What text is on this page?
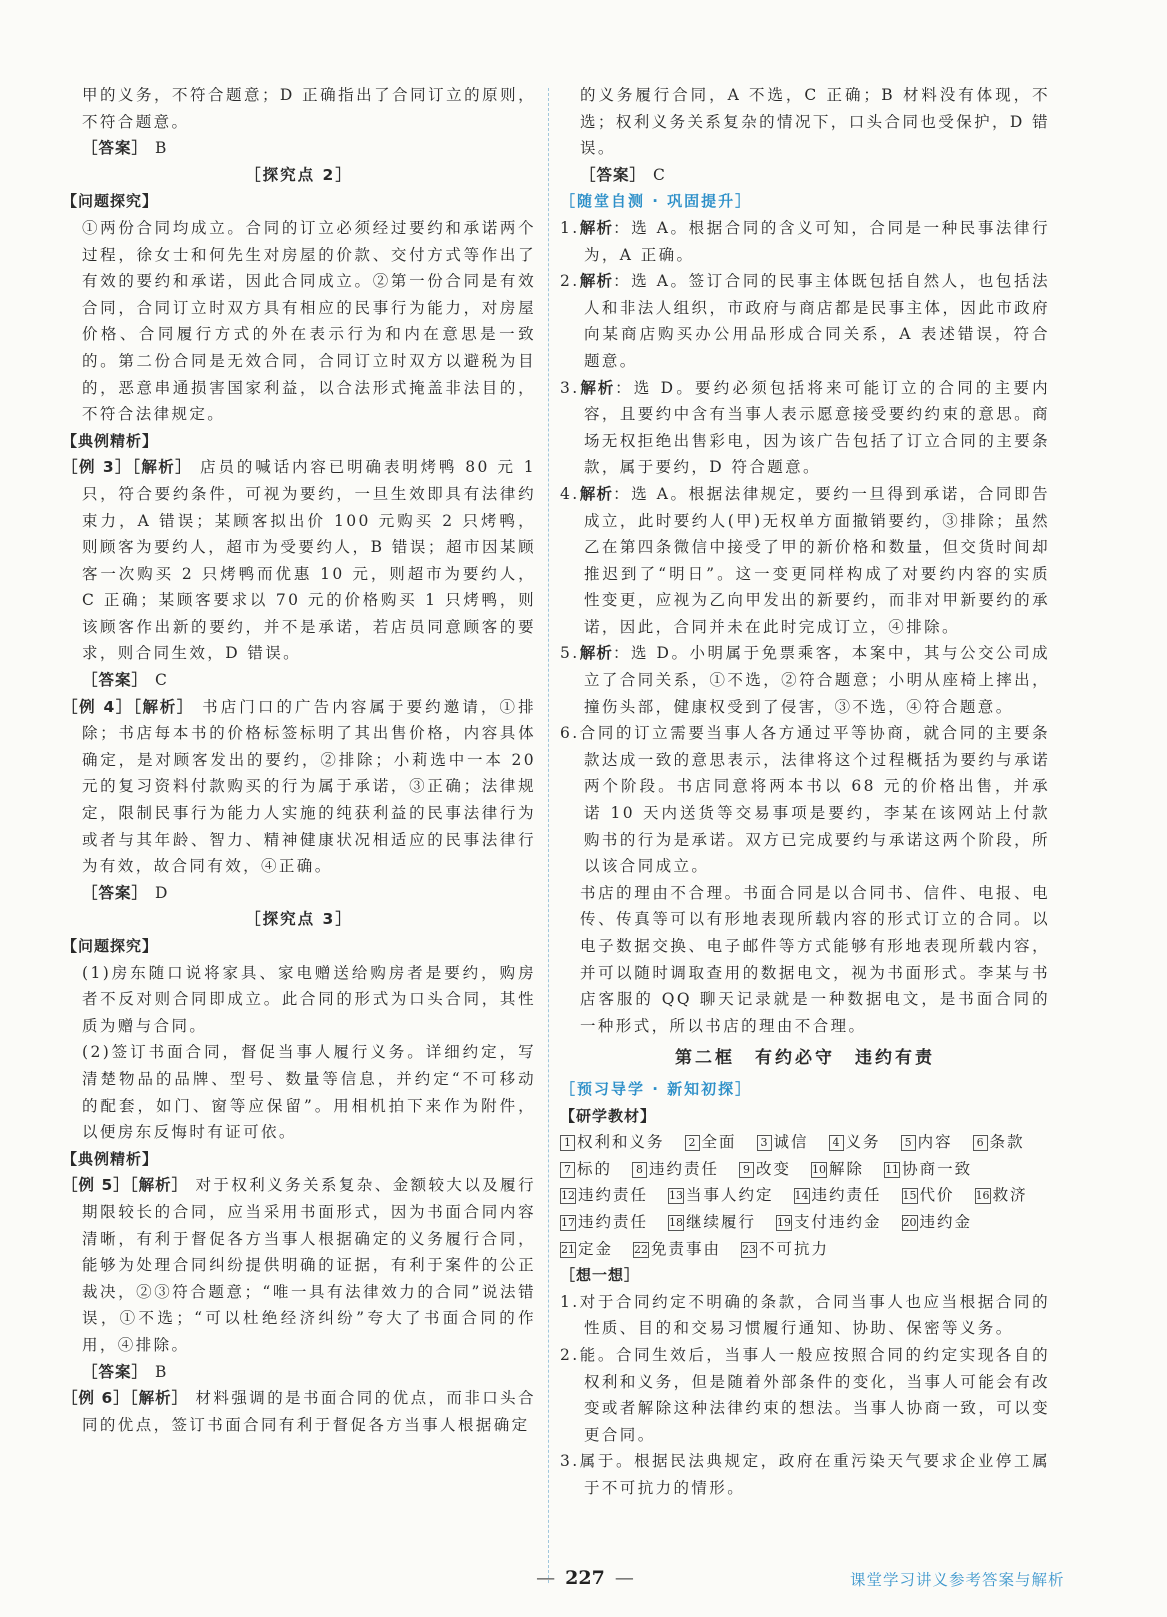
甲的义务，不符合题意；D 正确指出了合同订立的原则，不符合题意。
［答案］ B
［探究点 2］
【问题探究】
①两份合同均成立。合同的订立必须经过要约和承诺两个过程，徐女士和何先生对房屋的价款、交付方式等作出了有效的要约和承诺，因此合同成立。②第一份合同是有效合同，合同订立时双方具有相应的民事行为能力，对房屋价格、合同履行方式的外在表示行为和内在意思是一致的。第二份合同是无效合同，合同订立时双方以避税为目的，恶意串通损害国家利益，以合法形式掩盖非法目的，不符合法律规定。
【典例精析】
［例 3］［解析］ 店员的喊话内容已明确表明烤鸭 80 元 1 只，符合要约条件，可视为要约，一旦生效即具有法律约束力，A 错误；某顾客拟出价 100 元购买 2 只烤鸭，则顾客为要约人，超市为受要约人，B 错误；超市因某顾客一次购买 2 只烤鸭而优惠 10 元，则超市为要约人，C 正确；某顾客要求以 70 元的价格购买 1 只烤鸭，则该顾客作出新的要约，并不是承诺，若店员同意顾客的要求，则合同生效，D 错误。
［答案］ C
［例 4］［解析］ 书店门口的广告内容属于要约邀请，①排除；书店每本书的价格标签标明了其出售价格，内容具体确定，是对顾客发出的要约，②排除；小莉选中一本 20 元的复习资料付款购买的行为属于承诺，③正确；法律规定，限制民事行为能力人实施的纯获利益的民事法律行为或者与其年龄、智力、精神健康状况相适应的民事法律行为有效，故合同有效，④正确。
［答案］ D
［探究点 3］
【问题探究】
(1)房东随口说将家具、家电赠送给购房者是要约，购房者不反对则合同即成立。此合同的形式为口头合同，其性质为赠与合同。
(2)签订书面合同，督促当事人履行义务。详细约定，写清楚物品的品牌、型号、数量等信息，并约定“不可移动的配套，如门、窗等应保留”。用相机拍下来作为附件，以便房东反悔时有证可依。
【典例精析】
［例 5］［解析］ 对于权利义务关系复杂、金额较大以及履行期限较长的合同，应当采用书面形式，因为书面合同内容清晰，有利于督促各方当事人根据确定的义务履行合同，能够为处理合同纠纷提供明确的证据，有利于案件的公正裁决，②③符合题意；“唯一具有法律效力的合同”说法错误，①不选；“可以杜绝经济纠纷”夸大了书面合同的作用，④排除。
［答案］ B
［例 6］［解析］ 材料强调的是书面合同的优点，而非口头合同的优点，签订书面合同有利于督促各方当事人根据确定
的义务履行合同，A 不选，C 正确；B 材料没有体现，不选；权利义务关系复杂的情况下，口头合同也受保护，D 错误。
［答案］ C
［随堂自测 · 巩固提升］
1.解析：选 A。根据合同的含义可知，合同是一种民事法律行为，A 正确。
2.解析：选 A。签订合同的民事主体既包括自然人，也包括法人和非法人组织，市政府与商店都是民事主体，因此市政府向某商店购买办公用品形成合同关系，A 表述错误，符合题意。
3.解析：选 D。要约必须包括将来可能订立的合同的主要内容，且要约中含有当事人表示愿意接受要约约束的意思。商场无权拒绝出售彩电，因为该广告包括了订立合同的主要条款，属于要约，D 符合题意。
4.解析：选 A。根据法律规定，要约一旦得到承诺，合同即告成立，此时要约人(甲)无权单方面撤销要约，③排除；虽然乙在第四条微信中接受了甲的新价格和数量，但交货时间却推迟到了“明日”。这一变更同样构成了对要约内容的实质性变更，应视为乙向甲发出的新要约，而非对甲新要约的承诺，因此，合同并未在此时完成订立，④排除。
5.解析：选 D。小明属于免票乘客，本案中，其与公交公司成立了合同关系，①不选，②符合题意；小明从座椅上摔出，撞伤头部，健康权受到了侵害，③不选，④符合题意。
6.合同的订立需要当事人各方通过平等协商，就合同的主要条款达成一致的意思表示，法律将这个过程概括为要约与承诺两个阶段。书店同意将两本书以 68 元的价格出售，并承诺 10 天内送货等交易事项是要约，李某在该网站上付款购书的行为是承诺。双方已完成要约与承诺这两个阶段，所以该合同成立。
书店的理由不合理。书面合同是以合同书、信件、电报、电传、传真等可以有形地表现所载内容的形式订立的合同。以电子数据交换、电子邮件等方式能够有形地表现所载内容，并可以随时调取查用的数据电文，视为书面形式。李某与书店客服的 QQ 聊天记录就是一种数据电文，是书面合同的一种形式，所以书店的理由不合理。
第二框　有约必守　违约有责
［预习导学 · 新知初探］
【研学教材】
1 权利和义务	2 全面	3 诚信	4 义务	5 内容	6 条款
7 标的	8 违约责任	9 改变 10 解除 11 协商一致
12 违约责任 13 当事人约定 14 违约责任 15 代价 16 救济
17 违约责任 18 继续履行 19 支付违约金 20 违约金
21 定金 22 免责事由 23 不可抗力
［想一想］
1.对于合同约定不明确的条款，合同当事人也应当根据合同的性质、目的和交易习惯履行通知、协助、保密等义务。
2.能。合同生效后，当事人一般应按照合同的约定实现各自的权利和义务，但是随着外部条件的变化，当事人可能会有改变或者解除这种法律约束的想法。当事人协商一致，可以变更合同。
3.属于。根据民法典规定，政府在重污染天气要求企业停工属于不可抗力的情形。
— 227 —	课堂学习讲义参考答案与解析
